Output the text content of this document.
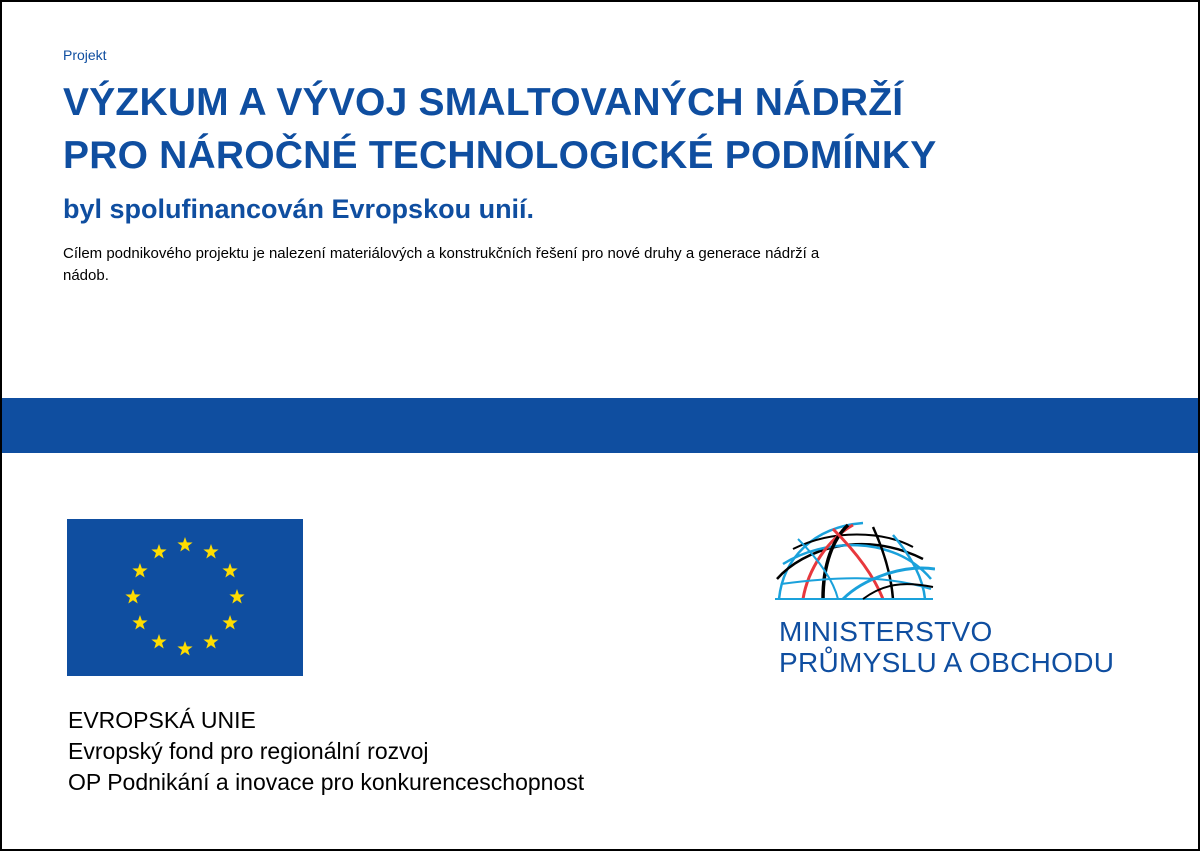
Projekt
VÝZKUM A VÝVOJ SMALTOVANÝCH NÁDRŽÍ
PRO NÁROČNÉ TECHNOLOGICKÉ PODMÍNKY
byl spolufinancován Evropskou unií.
Cílem podnikového projektu je nalezení materiálových a konstrukčních řešení pro nové druhy a generace nádrží a nádob.
EVROPSKÁ UNIE
Evropský fond pro regionální rozvoj
OP Podnikání a inovace pro konkurenceschopnost
MINISTERSTVO
PRŮMYSLU A OBCHODU
